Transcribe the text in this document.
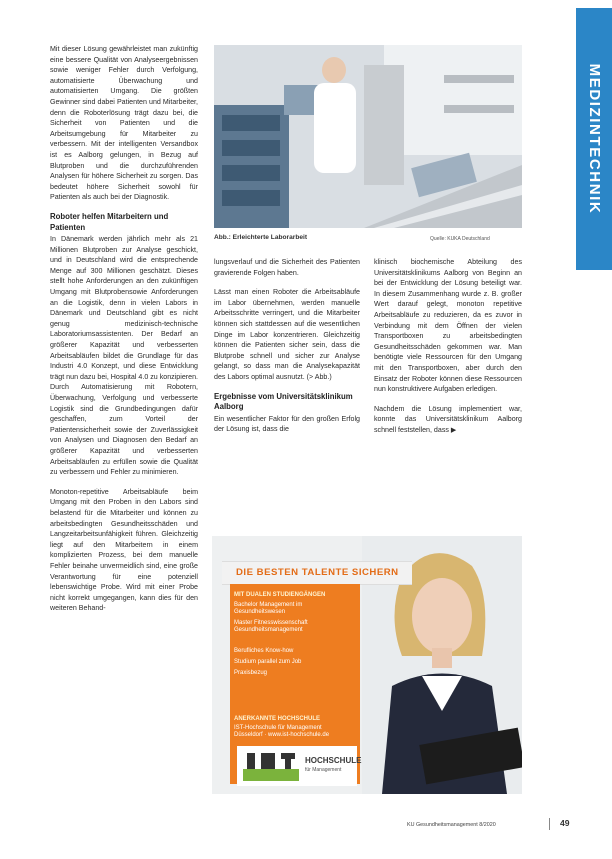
MEDIZINTECHNIK

Mit dieser Lösung gewährleistet man zukünftig eine bessere Qualität von Analyseergebnissen sowie weniger Fehler durch Verfolgung, automatisierte Überwachung und automatisierten Umgang. Die größten Gewinner sind dabei Patienten und Mitarbeiter, denn die Roboterlösung trägt dazu bei, die Sicherheit von Patienten und die Arbeitsumgebung für Mitarbeiter zu verbessern. Mit der intelligenten Versandbox ist es Aalborg gelungen, in Bezug auf Blutproben und die durchzuführenden Analysen für höhere Sicherheit zu sorgen. Das bedeutet höhere Sicherheit sowohl für Patienten als auch bei der Diagnostik.

Roboter helfen Mitarbeitern und Patienten

In Dänemark werden jährlich mehr als 21 Millionen Blutproben zur Analyse geschickt, und in Deutschland wird die entsprechende Menge auf 300 Millionen geschätzt. Dieses stellt hohe Anforderungen an den zukünftigen Umgang mit Blutprobensowie Anforderungen an die Logistik, denn in vielen Labors in Dänemark und Deutschland gibt es nicht genug medizinisch-technische Laboratoriumsassistenten. Der Bedarf an größerer Kapazität und verbesserten Arbeitsabläufen bildet die Grundlage für das Industri 4.0 Konzept, und diese Entwicklung trägt nun dazu bei, Hospital 4.0 zu konzipieren. Durch Automatisierung mit Robotern, Überwachung, Verfolgung und verbesserte Logistik sind die Grundbedingungen dafür geschaffen, zum Vorteil der Patientensicherheit sowie der Zuverlässigkeit von Analysen und Diagnosen den Bedarf an größerer Kapazität und verbesserten Arbeitsabläufen zu erfüllen sowie die Qualität zu verbessern und Fehler zu minimieren.

Monoton-repetitive Arbeitsabläufe beim Umgang mit den Proben in den Labors sind belastend für die Mitarbeiter und können zu arbeitsbedingten Gesundheitsschäden und Langzeitarbeitsunfähigkeit führen. Gleichzeitig liegt auf den Mitarbeitern in einem komplizierten Prozess, bei dem manuelle Fehler beinahe unvermeidlich sind, eine große Verantwortung für eine potenziell lebenswichtige Probe. Wird mit einer Probe nicht korrekt umgegangen, kann dies für den weiteren Behand-

Abb.: Erleichterte Laborarbeit	Quelle: KUKA Deutschland

lungsverlauf und die Sicherheit des Patienten gravierende Folgen haben.

Lässt man einen Roboter die Arbeitsabläufe im Labor übernehmen, werden manuelle Arbeitsschritte verringert, und die Mitarbeiter können sich stattdessen auf die wesentlichen Dinge im Labor konzentrieren. Gleichzeitig können die Patienten sicher sein, dass die Blutprobe schnell und sicher zur Analyse gelangt, so dass man die Analysekapazität des Labors optimal ausnutzt. (> Abb.)

Ergebnisse vom Universitätsklinikum Aalborg

Ein wesentlicher Faktor für den großen Erfolg der Lösung ist, dass die

klinisch biochemische Abteilung des Universitätsklinikums Aalborg von Beginn an bei der Entwicklung der Lösung beteiligt war. In diesem Zusammenhang wurde z. B. großer Wert darauf gelegt, monoton repetitive Arbeitsabläufe zu reduzieren, da es zuvor in Verbindung mit dem Öffnen der vielen Transportboxen zu arbeitsbedingten Gesundheitsschäden gekommen war. Man benötigte viele Ressourcen für den Umgang mit den Transportboxen, aber durch den Einsatz der Roboter können diese Ressourcen nun konstruktivere Aufgaben erledigen.

Nachdem die Lösung implementiert war, konnte das Universitätsklinikum Aalborg schnell feststellen, dass ▶

DIE BESTEN TALENTE SICHERN
MIT DUALEN STUDIENGÄNGEN
Bachelor Management im
Gesundheitswesen
Master Fitnesswissenschaft
Gesundheitsmanagement
Berufliches Know-how
Studium parallel zum Job
Praxisbezug
ANERKANNTE HOCHSCHULE
IST-Hochschule für Management
Düsseldorf · www.ist-hochschule.de
HOCHSCHULE
für Management
KU Gesundheitsmanagement 8/2020	49
